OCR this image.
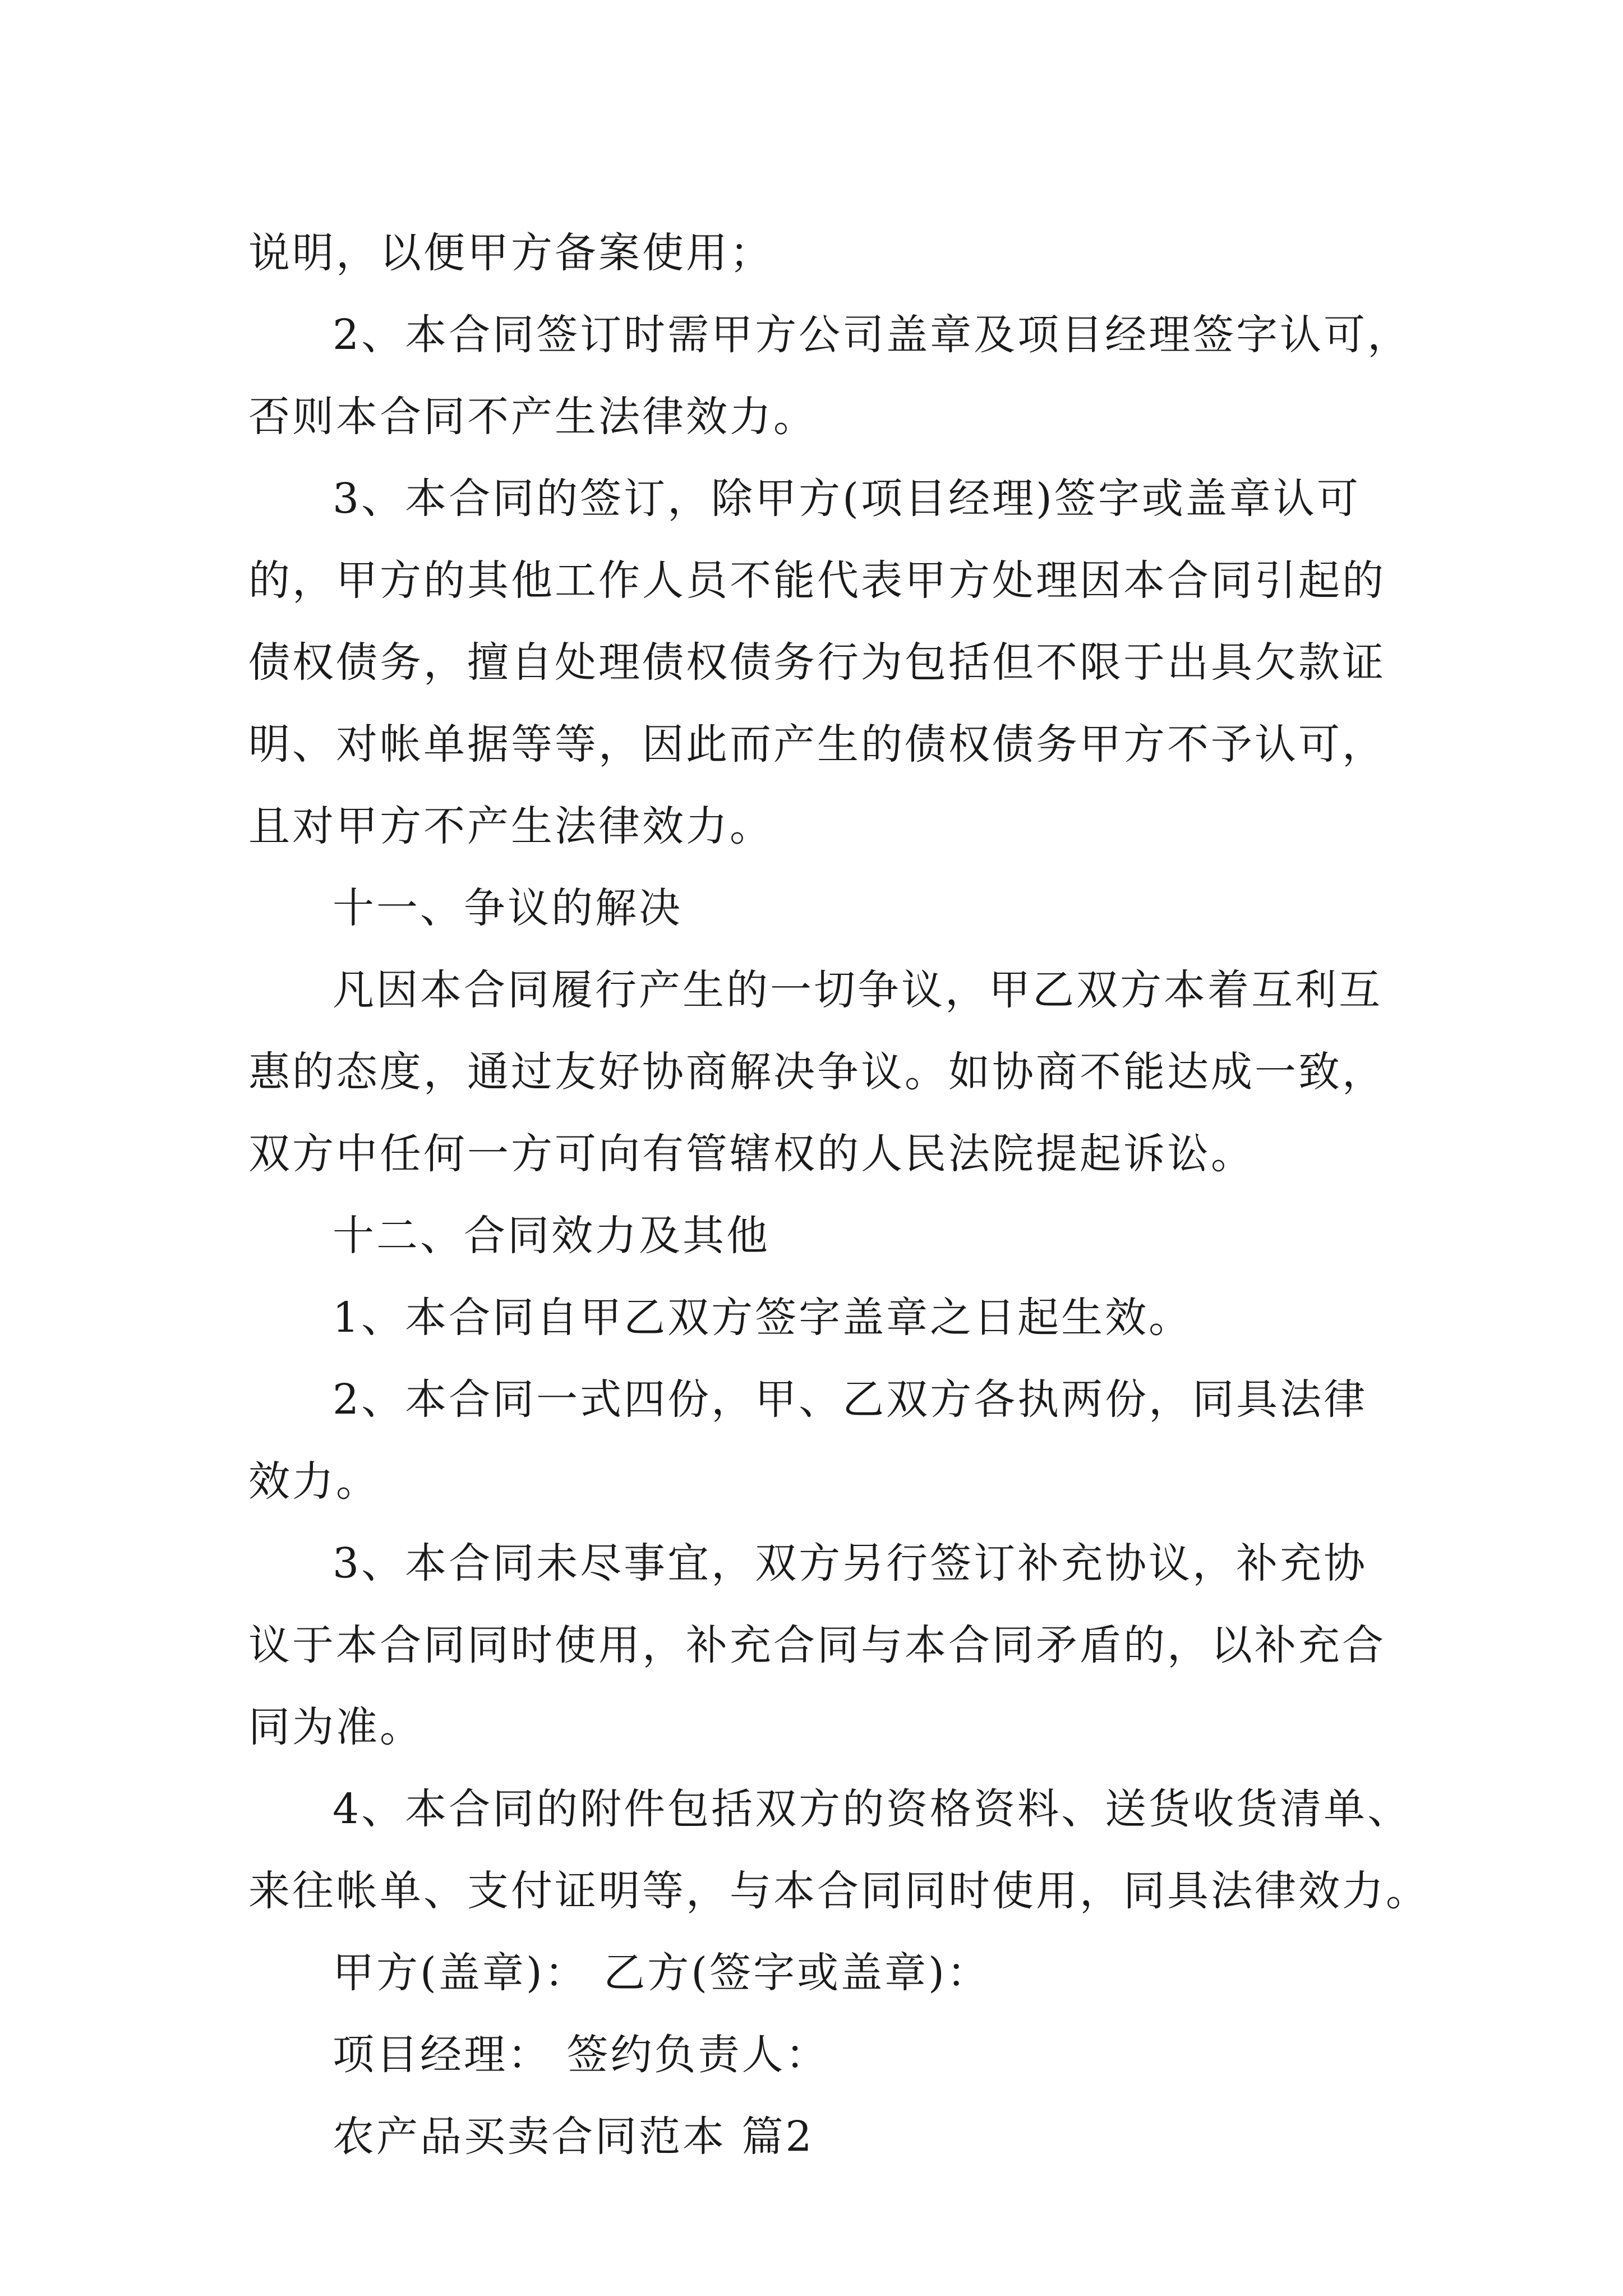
说明，以便甲方备案使用；
2、本合同签订时需甲方公司盖章及项目经理签字认可，
否则本合同不产生法律效力。
3、本合同的签订，除甲方(项目经理)签字或盖章认可
的，甲方的其他工作人员不能代表甲方处理因本合同引起的
债权债务，擅自处理债权债务行为包括但不限于出具欠款证
明、对帐单据等等，因此而产生的债权债务甲方不予认可，
且对甲方不产生法律效力。
十一、争议的解决
凡因本合同履行产生的一切争议，甲乙双方本着互利互
惠的态度，通过友好协商解决争议。如协商不能达成一致，
双方中任何一方可向有管辖权的人民法院提起诉讼。
十二、合同效力及其他
1、本合同自甲乙双方签字盖章之日起生效。
2、本合同一式四份，甲、乙双方各执两份，同具法律
效力。
3、本合同未尽事宜，双方另行签订补充协议，补充协
议于本合同同时使用，补充合同与本合同矛盾的，以补充合
同为准。
4、本合同的附件包括双方的资格资料、送货收货清单、
来往帐单、支付证明等，与本合同同时使用，同具法律效力。
甲方(盖章)： 乙方(签字或盖章)：
项目经理： 签约负责人：
农产品买卖合同范本 篇2
